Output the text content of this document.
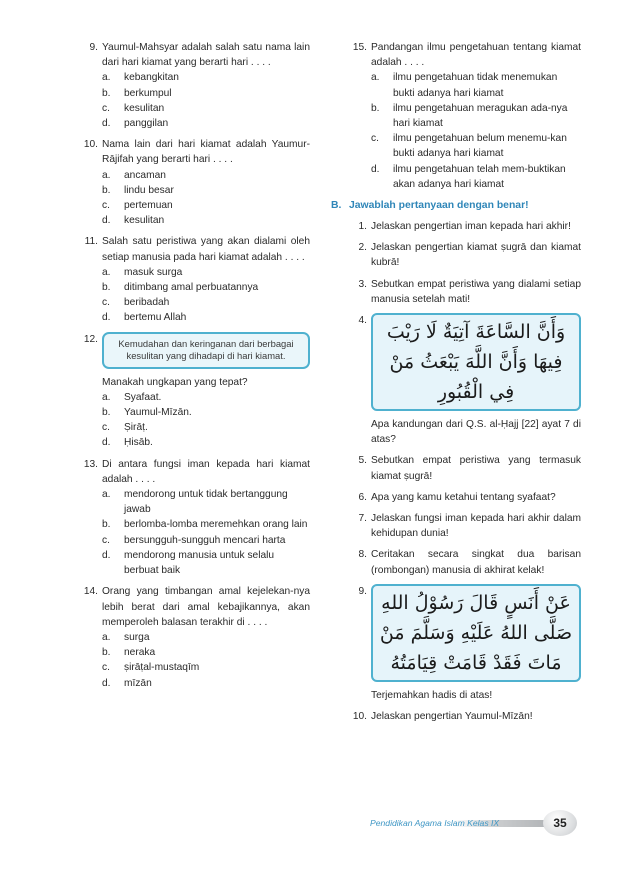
9. Yaumul-Mahsyar adalah salah satu nama lain dari hari kiamat yang berarti hari . . . .
a. kebangkitan
b. berkumpul
c. kesulitan
d. panggilan
10. Nama lain dari hari kiamat adalah Yaumur-Rājifah yang berarti hari . . . .
a. ancaman
b. lindu besar
c. pertemuan
d. kesulitan
11. Salah satu peristiwa yang akan dialami oleh setiap manusia pada hari kiamat adalah . . . .
a. masuk surga
b. ditimbang amal perbuatannya
c. beribadah
d. bertemu Allah
12.	Kemudahan dan keringanan dari berbagai kesulitan yang dihadapi di hari kiamat.
Manakah ungkapan yang tepat?
a. Syafaat.
b. Yaumul-Mīzān.
c. Ṣirāṭ.
d. Ḥisāb.
13. Di antara fungsi iman kepada hari kiamat adalah . . . .
a. mendorong untuk tidak bertanggung jawab
b. berlomba-lomba meremehkan orang lain
c. bersungguh-sungguh mencari harta
d. mendorong manusia untuk selalu berbuat baik
14. Orang yang timbangan amal kejelekan-nya lebih berat dari amal kebajikannya, akan memperoleh balasan terakhir di . . . .
a. surga
b. neraka
c. ṣirāṭal-mustaqīm
d. mīzān
15. Pandangan ilmu pengetahuan tentang kiamat adalah . . . .
a. ilmu pengetahuan tidak menemukan bukti adanya hari kiamat
b. ilmu pengetahuan meragukan ada-nya hari kiamat
c. ilmu pengetahuan belum menemu-kan bukti adanya hari kiamat
d. ilmu pengetahuan telah mem-buktikan akan adanya hari kiamat
B. Jawablah pertanyaan dengan benar!
1. Jelaskan pengertian iman kepada hari akhir!
2. Jelaskan pengertian kiamat ṣugrā dan kiamat kubrā!
3. Sebutkan empat peristiwa yang dialami setiap manusia setelah mati!
4.
وَأَنَّ السَّاعَةَ آتِيَةٌ لَا رَيْبَ فِيهَا وَأَنَّ اللَّهَ يَبْعَثُ مَنْ فِي الْقُبُورِ
Apa kandungan dari Q.S. al-Ḥajj [22] ayat 7 di atas?
5. Sebutkan empat peristiwa yang termasuk kiamat ṣugrā!
6. Apa yang kamu ketahui tentang syafaat?
7. Jelaskan fungsi iman kepada hari akhir dalam kehidupan dunia!
8. Ceritakan secara singkat dua barisan (rombongan) manusia di akhirat kelak!
9.
عَنْ أَنَسٍ قَالَ رَسُوْلُ اللهِ صَلَّى اللهُ عَلَيْهِ وَسَلَّمَ مَنْ مَاتَ فَقَدْ قَامَتْ قِيَامَتُهُ
Terjemahkan hadis di atas!
10. Jelaskan pengertian Yaumul-Mīzān!
Pendidikan Agama Islam Kelas IX	35
